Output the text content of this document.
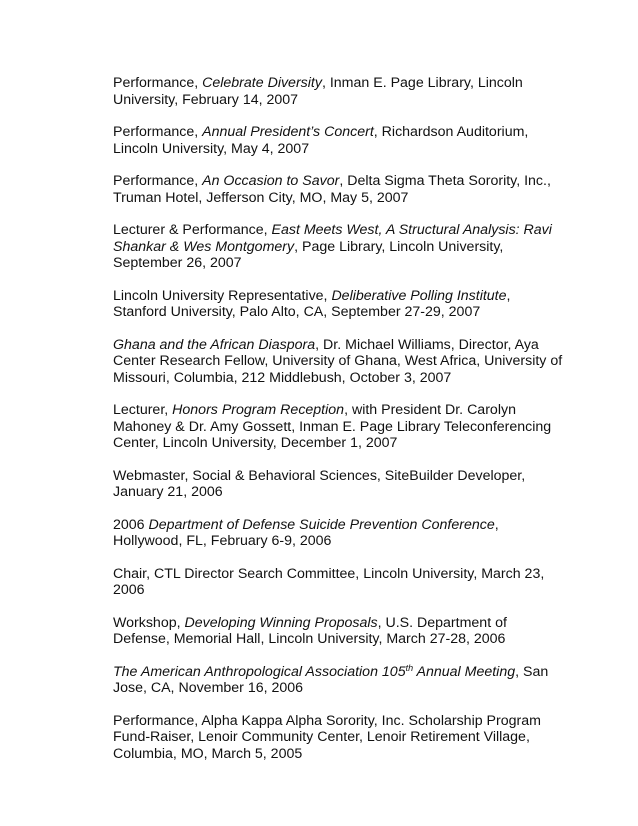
Performance, Celebrate Diversity, Inman E. Page Library, Lincoln University, February 14, 2007

Performance, Annual President’s Concert, Richardson Auditorium, Lincoln University, May 4, 2007

Performance, An Occasion to Savor, Delta Sigma Theta Sorority, Inc., Truman Hotel, Jefferson City, MO, May 5, 2007

Lecturer & Performance, East Meets West, A Structural Analysis: Ravi Shankar & Wes Montgomery, Page Library, Lincoln University, September 26, 2007

Lincoln University Representative, Deliberative Polling Institute, Stanford University, Palo Alto, CA, September 27-29, 2007

Ghana and the African Diaspora, Dr. Michael Williams, Director, Aya Center Research Fellow, University of Ghana, West Africa, University of Missouri, Columbia, 212 Middlebush, October 3, 2007

Lecturer, Honors Program Reception, with President Dr. Carolyn Mahoney & Dr. Amy Gossett, Inman E. Page Library Teleconferencing Center, Lincoln University, December 1, 2007

Webmaster, Social & Behavioral Sciences, SiteBuilder Developer, January 21, 2006

2006 Department of Defense Suicide Prevention Conference, Hollywood, FL, February 6-9, 2006

Chair, CTL Director Search Committee, Lincoln University, March 23, 2006

Workshop, Developing Winning Proposals, U.S. Department of Defense, Memorial Hall, Lincoln University, March 27-28, 2006

The American Anthropological Association 105th Annual Meeting, San Jose, CA, November 16, 2006

Performance, Alpha Kappa Alpha Sorority, Inc. Scholarship Program Fund-Raiser, Lenoir Community Center, Lenoir Retirement Village, Columbia, MO, March 5, 2005
